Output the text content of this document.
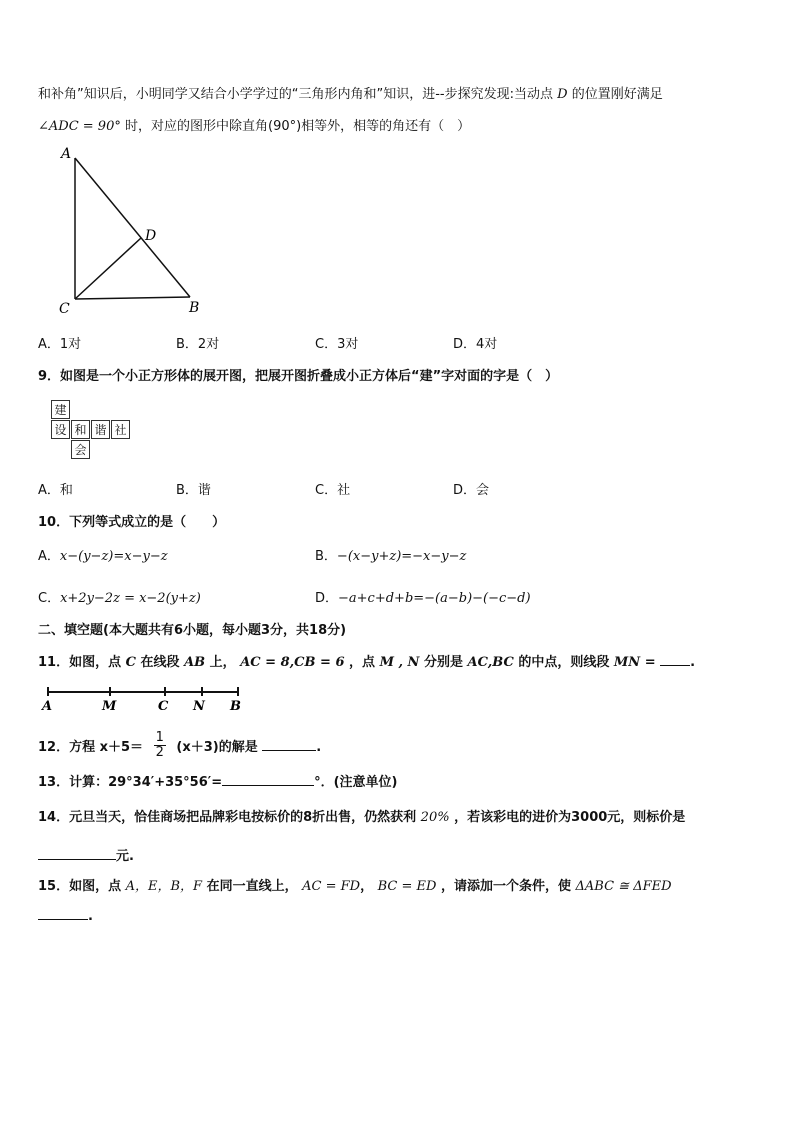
和补角”知识后，小明同学又结合小学学过的“三角形内角和”知识，进--步探究发现:当动点 D 的位置刚好满足
∠ADC = 90° 时，对应的图形中除直角(90°)相等外，相等的角还有（　）
A
D
C	B
A．1对	B．2对	C．3对	D．4对
9．如图是一个小正方形体的展开图，把展开图折叠成小正方体后“建”字对面的字是（　）
建
设 和 谐 社
会
A．和	B．谐	C．社	D．会
10．下列等式成立的是（　　）
A．x−(y−z)=x−y−z	B．−(x−y+z)=−x−y−z
C．x+2y−2z = x−2(y+z)	D．−a+c+d+b=−(a−b)−(−c−d)
二、填空题(本大题共有6小题，每小题3分，共18分)
11．如图，点 C 在线段 AB 上， AC = 8,CB = 6 ，点 M , N 分别是 AC,BC 的中点，则线段 MN =	.
A	M	C N B
12．方程 $x+5= \frac{1}{2} (x+3)$的解是	.
13．计算：29°34′+35°56′=	°．(注意单位)
14．元旦当天，恰佳商场把品牌彩电按标价的8折出售，仍然获利 20% ，若该彩电的进价为3000元，则标价是
元.
15．如图，点 A，E，B，F 在同一直线上， AC = FD， BC = ED ，请添加一个条件，使 ΔABC ≅ ΔFED
.
